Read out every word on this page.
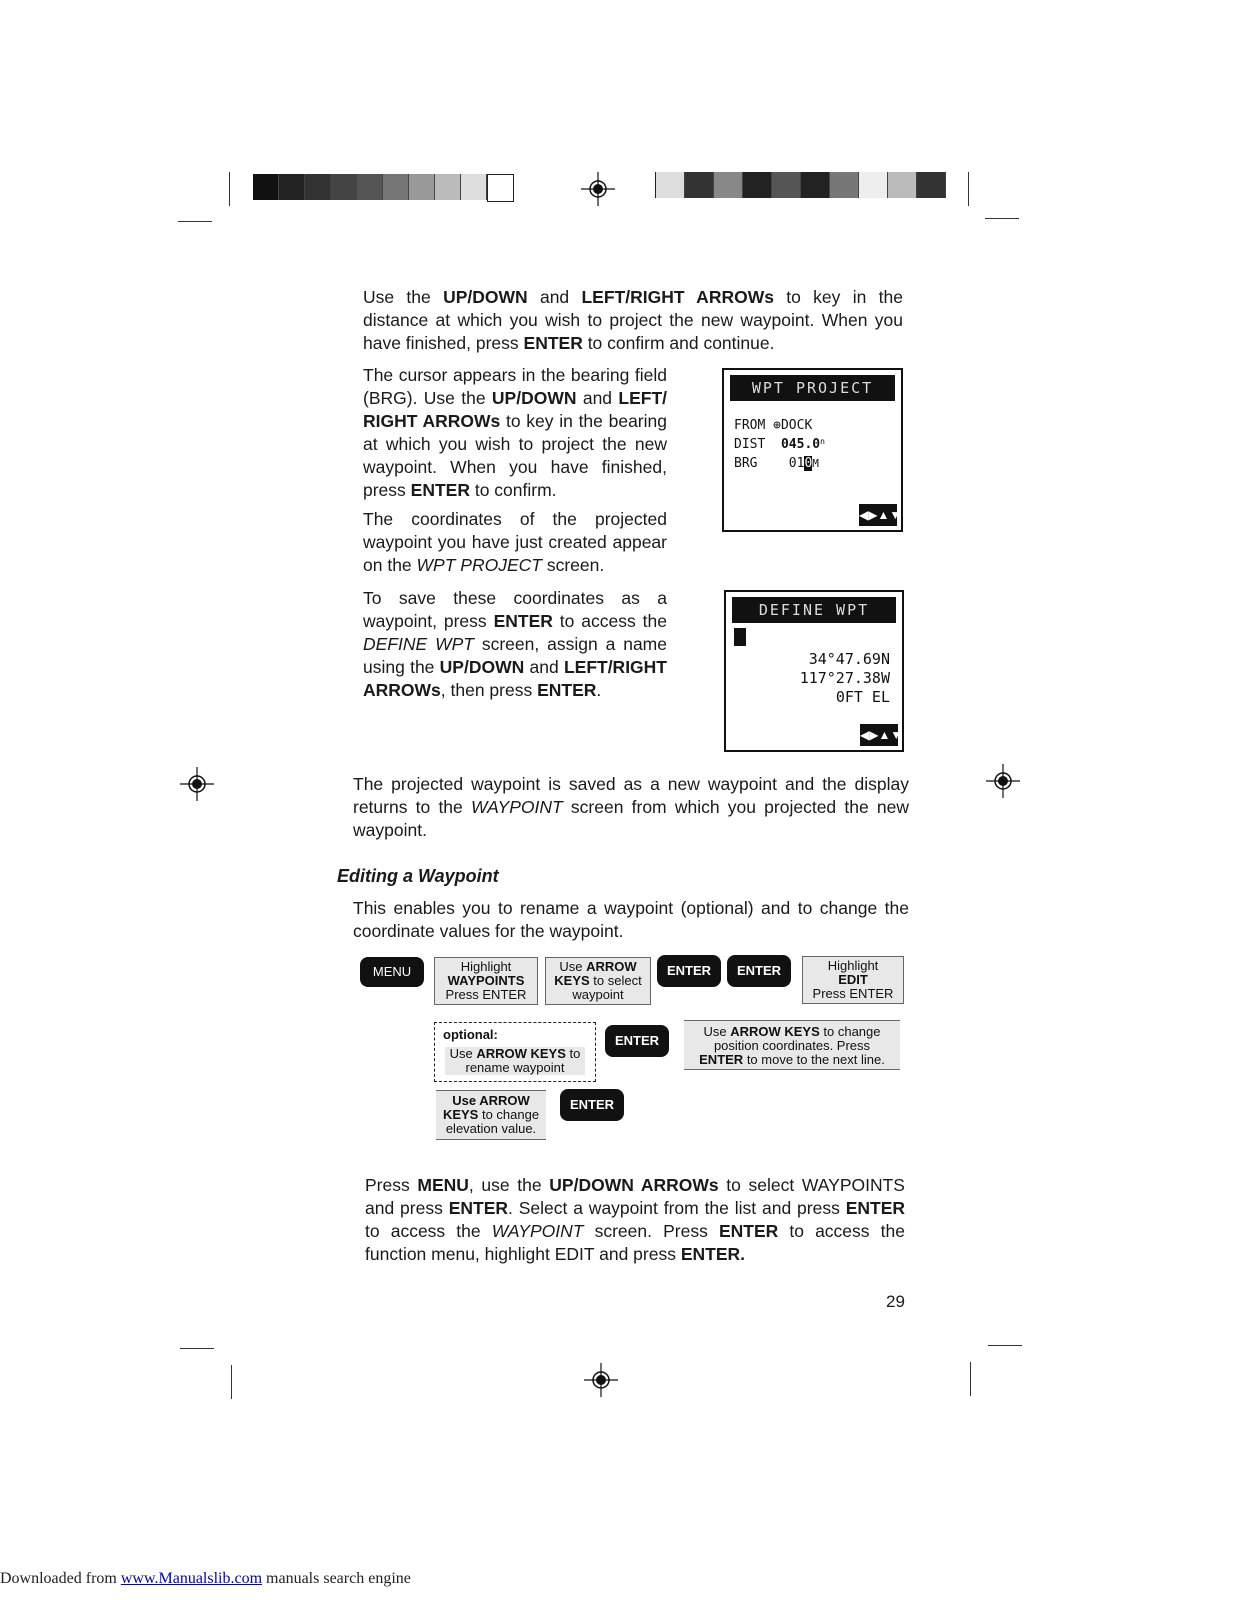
Use the UP/DOWN and LEFT/RIGHT ARROWs to key in the distance at which you wish to project the new waypoint. When you have finished, press ENTER to confirm and continue.

The cursor appears in the bearing field (BRG). Use the UP/DOWN and LEFT/ RIGHT ARROWs to key in the bearing at which you wish to project the new waypoint. When you have finished, press ENTER to confirm.

The coordinates of the projected waypoint you have just created appear on the WPT PROJECT screen.

To save these coordinates as a waypoint, press ENTER to access the DEFINE WPT screen, assign a name using the UP/DOWN and LEFT/RIGHT ARROWs, then press ENTER.

WPT PROJECT
FROM ⊕DOCK
DIST 045.0$^n$

BRG 010M
◀▶▲▼
DEFINE WPT
34°47.69N
117°27.38W
0FT EL
◀▶▲▼

The projected waypoint is saved as a new waypoint and the display returns to the WAYPOINT screen from which you projected the new waypoint.

Editing a Waypoint

This enables you to rename a waypoint (optional) and to change the coordinate values for the waypoint.

MENU	Highlight
WAYPOINTS
Press ENTER
Use ARROW
KEYS to select
waypoint
ENTER	ENTER	Highlight
EDIT
Press ENTER
optional:
Use ARROW KEYS to
rename waypoint
ENTER
Use ARROW KEYS to change
position coordinates. Press
ENTER to move to the next line.
Use ARROW
KEYS to change
elevation value.
ENTER

Press MENU, use the UP/DOWN ARROWs to select WAYPOINTS and press ENTER. Select a waypoint from the list and press ENTER to access the WAYPOINT screen. Press ENTER to access the function menu, highlight EDIT and press ENTER.

29
Downloaded from www.Manualslib.com manuals search engine
